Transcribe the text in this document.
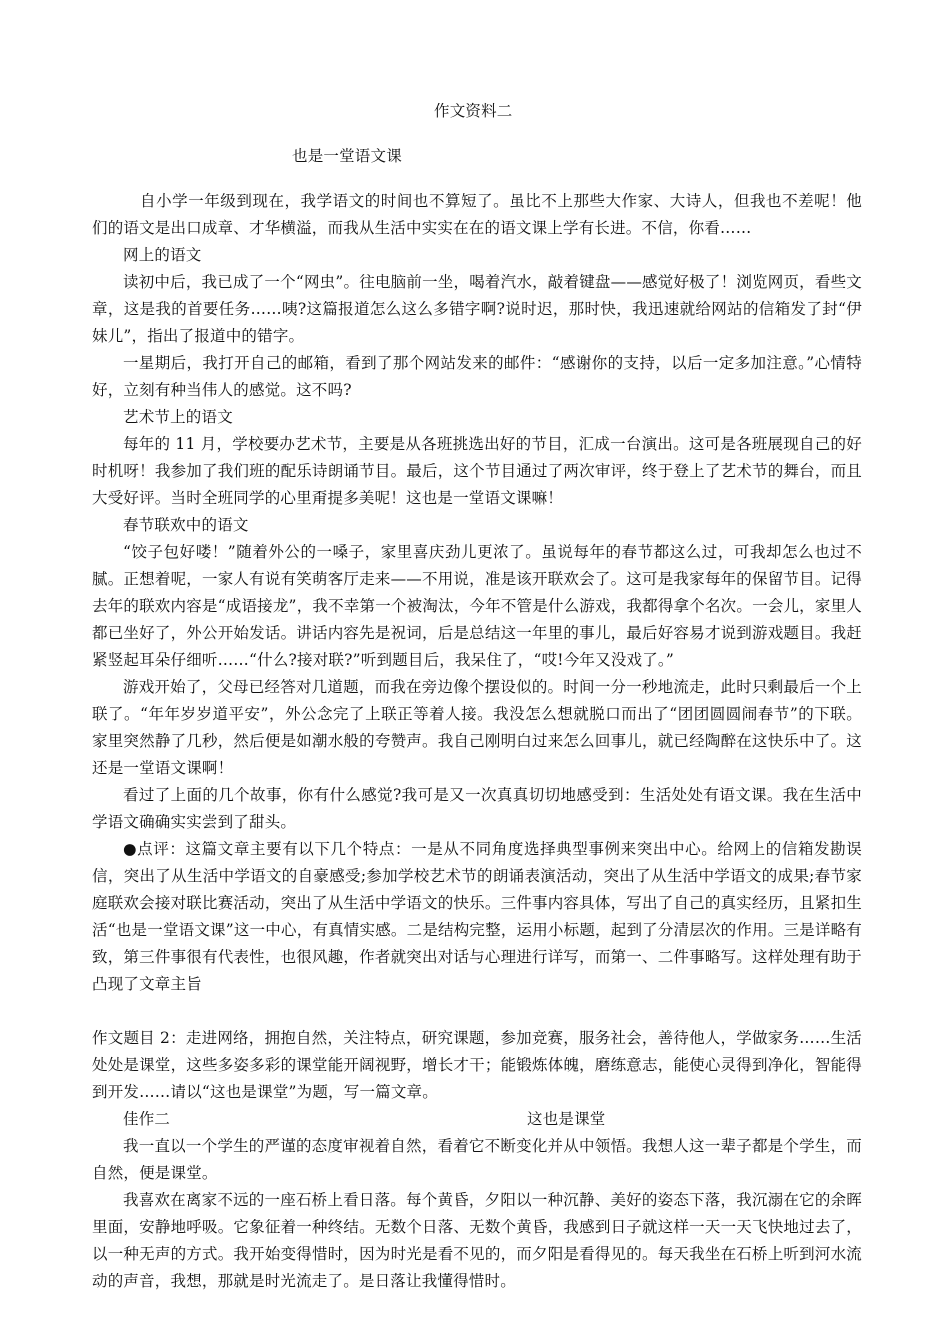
作文资料二

也是一堂语文课

自小学一年级到现在，我学语文的时间也不算短了。虽比不上那些大作家、大诗人，但我也不差呢！他们的语文是出口成章、才华横溢，而我从生活中实实在在的语文课上学有长进。不信，你看……

网上的语文

读初中后，我已成了一个“网虫”。往电脑前一坐，喝着汽水，敲着键盘——感觉好极了！浏览网页，看些文章，这是我的首要任务……咦?这篇报道怎么这么多错字啊?说时迟，那时快，我迅速就给网站的信箱发了封“伊妹儿”，指出了报道中的错字。

一星期后，我打开自己的邮箱，看到了那个网站发来的邮件：“感谢你的支持，以后一定多加注意。”心情特好，立刻有种当伟人的感觉。这不吗?

艺术节上的语文

每年的 11 月，学校要办艺术节，主要是从各班挑选出好的节目，汇成一台演出。这可是各班展现自己的好时机呀！我参加了我们班的配乐诗朗诵节目。最后，这个节目通过了两次审评，终于登上了艺术节的舞台，而且大受好评。当时全班同学的心里甭提多美呢！这也是一堂语文课嘛！

春节联欢中的语文

“饺子包好喽！”随着外公的一嗓子，家里喜庆劲儿更浓了。虽说每年的春节都这么过，可我却怎么也过不腻。正想着呢，一家人有说有笑萌客厅走来——不用说，准是该开联欢会了。这可是我家每年的保留节目。记得去年的联欢内容是“成语接龙”，我不幸第一个被淘汰，今年不管是什么游戏，我都得拿个名次。一会儿，家里人都已坐好了，外公开始发话。讲话内容先是祝词，后是总结这一年里的事儿，最后好容易才说到游戏题目。我赶紧竖起耳朵仔细听……“什么?接对联?”听到题目后，我呆住了，“哎!今年又没戏了。”

游戏开始了，父母已经答对几道题，而我在旁边像个摆设似的。时间一分一秒地流走，此时只剩最后一个上联了。“年年岁岁道平安”，外公念完了上联正等着人接。我没怎么想就脱口而出了“团团圆圆闹春节”的下联。家里突然静了几秒，然后便是如潮水般的夸赞声。我自己刚明白过来怎么回事儿，就已经陶醉在这快乐中了。这还是一堂语文课啊！

看过了上面的几个故事，你有什么感觉?我可是又一次真真切切地感受到：生活处处有语文课。我在生活中学语文确确实实尝到了甜头。

●点评：这篇文章主要有以下几个特点：一是从不同角度选择典型事例来突出中心。给网上的信箱发勘误信，突出了从生活中学语文的自豪感受;参加学校艺术节的朗诵表演活动，突出了从生活中学语文的成果;春节家庭联欢会接对联比赛活动，突出了从生活中学语文的快乐。三件事内容具体，写出了自己的真实经历，且紧扣生活“也是一堂语文课”这一中心，有真情实感。二是结构完整，运用小标题，起到了分清层次的作用。三是详略有致，第三件事很有代表性，也很风趣，作者就突出对话与心理进行详写，而第一、二件事略写。这样处理有助于凸现了文章主旨

作文题目 2：走进网络，拥抱自然，关注特点，研究课题，参加竞赛，服务社会，善待他人，学做家务……生活处处是课堂，这些多姿多彩的课堂能开阔视野，增长才干；能锻炼体魄，磨练意志，能使心灵得到净化，智能得到开发……请以“这也是课堂”为题，写一篇文章。

佳作二	这也是课堂

我一直以一个学生的严谨的态度审视着自然，看着它不断变化并从中领悟。我想人这一辈子都是个学生，而自然，便是课堂。

我喜欢在离家不远的一座石桥上看日落。每个黄昏，夕阳以一种沉静、美好的姿态下落，我沉溺在它的余晖里面，安静地呼吸。它象征着一种终结。无数个日落、无数个黄昏，我感到日子就这样一天一天飞快地过去了，以一种无声的方式。我开始变得惜时，因为时光是看不见的，而夕阳是看得见的。每天我坐在石桥上听到河水流动的声音，我想，那就是时光流走了。是日落让我懂得惜时。
